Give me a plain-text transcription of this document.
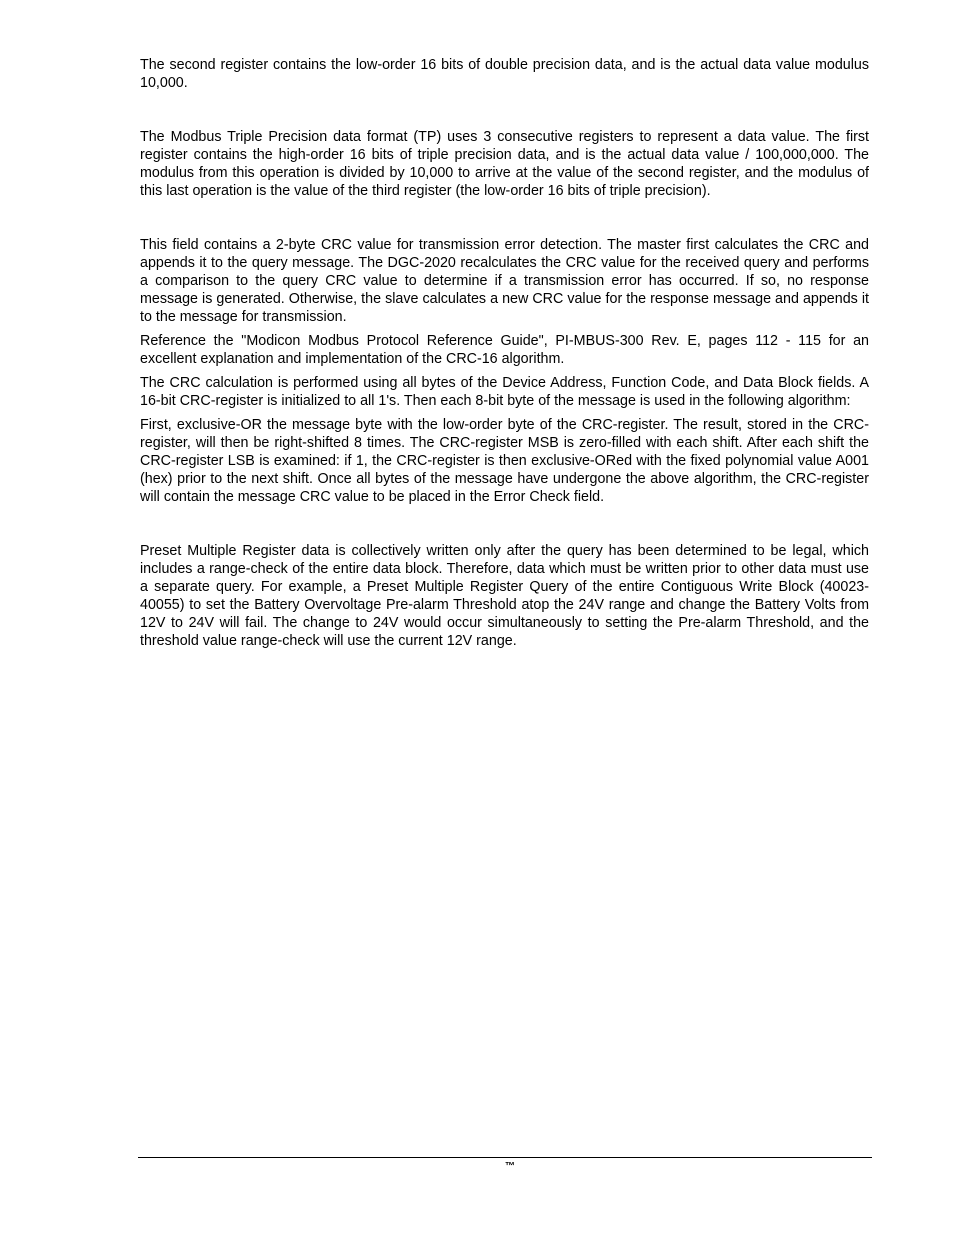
The second register contains the low-order 16 bits of double precision data, and is the actual data value modulus 10,000.

The Modbus Triple Precision data format (TP) uses 3 consecutive registers to represent a data value. The first register contains the high-order 16 bits of triple precision data, and is the actual data value / 100,000,000. The modulus from this operation is divided by 10,000 to arrive at the value of the second register, and the modulus of this last operation is the value of the third register (the low-order 16 bits of triple precision).

This field contains a 2-byte CRC value for transmission error detection. The master first calculates the CRC and appends it to the query message. The DGC-2020 recalculates the CRC value for the received query and performs a comparison to the query CRC value to determine if a transmission error has occurred. If so, no response message is generated. Otherwise, the slave calculates a new CRC value for the response message and appends it to the message for transmission.

Reference the "Modicon Modbus Protocol Reference Guide", PI-MBUS-300 Rev. E, pages 112 - 115 for an excellent explanation and implementation of the CRC-16 algorithm.

The CRC calculation is performed using all bytes of the Device Address, Function Code, and Data Block fields. A 16-bit CRC-register is initialized to all 1's. Then each 8-bit byte of the message is used in the following algorithm:

First, exclusive-OR the message byte with the low-order byte of the CRC-register. The result, stored in the CRC-register, will then be right-shifted 8 times. The CRC-register MSB is zero-filled with each shift. After each shift the CRC-register LSB is examined: if 1, the CRC-register is then exclusive-ORed with the fixed polynomial value A001 (hex) prior to the next shift. Once all bytes of the message have undergone the above algorithm, the CRC-register will contain the message CRC value to be placed in the Error Check field.

Preset Multiple Register data is collectively written only after the query has been determined to be legal, which includes a range-check of the entire data block. Therefore, data which must be written prior to other data must use a separate query. For example, a Preset Multiple Register Query of the entire Contiguous Write Block (40023-40055) to set the Battery Overvoltage Pre-alarm Threshold atop the 24V range and change the Battery Volts from 12V to 24V will fail. The change to 24V would occur simultaneously to setting the Pre-alarm Threshold, and the threshold value range-check will use the current 12V range.

™
